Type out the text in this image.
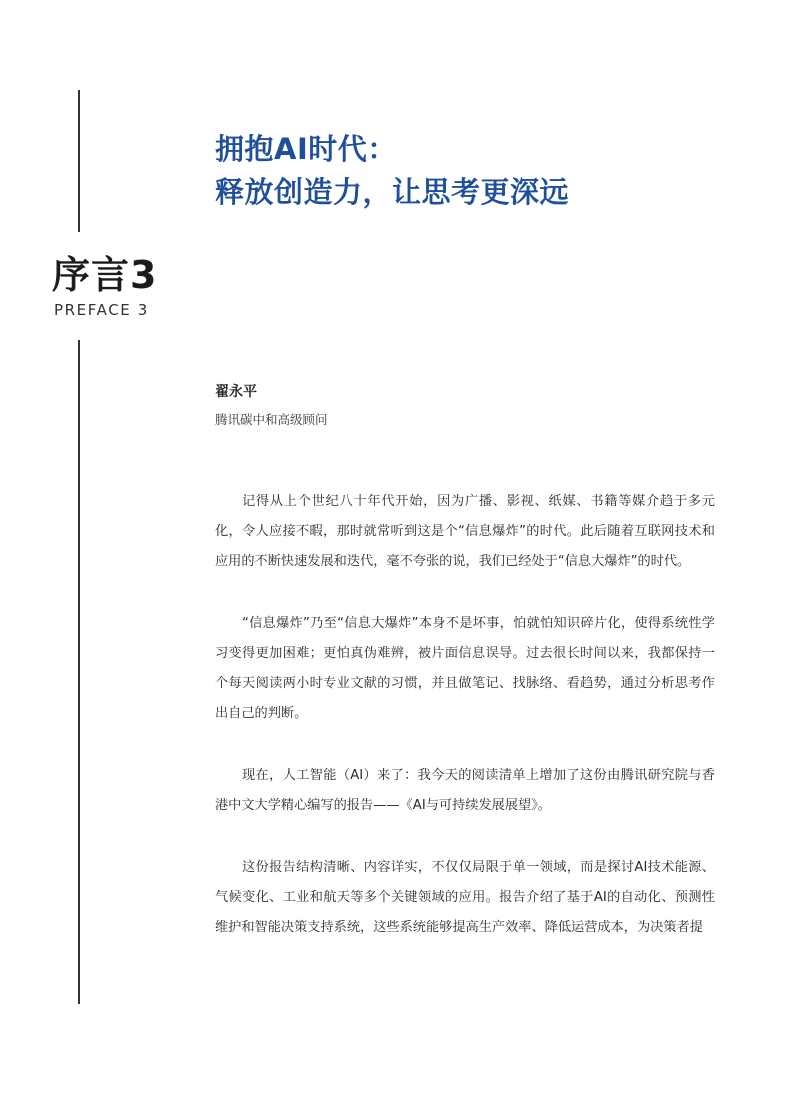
序言3
PREFACE 3
拥抱AI时代：
释放创造力，让思考更深远
翟永平
腾讯碳中和高级顾问

记得从上个世纪八十年代开始，因为广播、影视、纸媒、书籍等媒介趋于多元化，令人应接不暇，那时就常听到这是个“信息爆炸”的时代。此后随着互联网技术和应用的不断快速发展和迭代，毫不夸张的说，我们已经处于“信息大爆炸”的时代。

“信息爆炸”乃至“信息大爆炸”本身不是坏事，怕就怕知识碎片化，使得系统性学习变得更加困难；更怕真伪难辨，被片面信息误导。过去很长时间以来，我都保持一个每天阅读两小时专业文献的习惯，并且做笔记、找脉络、看趋势，通过分析思考作出自己的判断。

现在，人工智能（AI）来了：我今天的阅读清单上增加了这份由腾讯研究院与香港中文大学精心编写的报告——《AI与可持续发展展望》。

这份报告结构清晰、内容详实，不仅仅局限于单一领域，而是探讨AI技术能源、气候变化、工业和航天等多个关键领域的应用。报告介绍了基于AI的自动化、预测性维护和智能决策支持系统，这些系统能够提高生产效率、降低运营成本，为决策者提
